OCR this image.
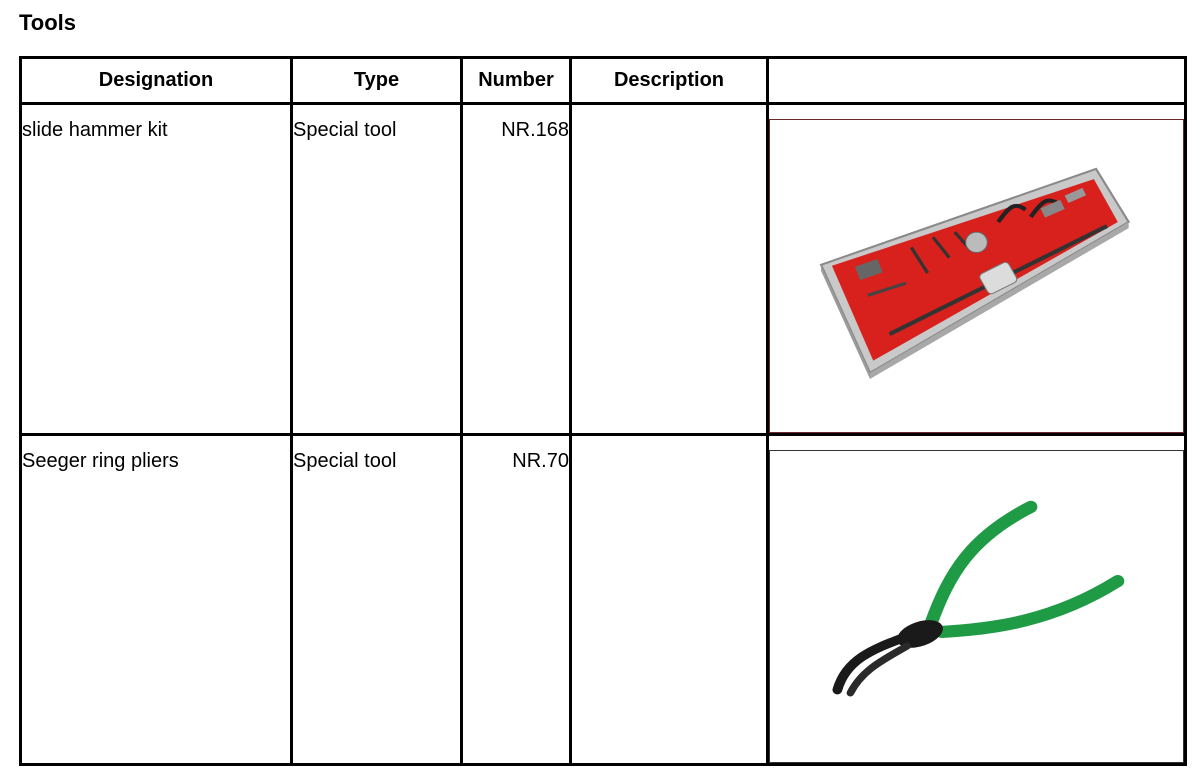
Tools
Designation	Type	Number	Description	
slide hammer kit	Special tool	NR.168		

Seeger ring pliers	Special tool	NR.70		
